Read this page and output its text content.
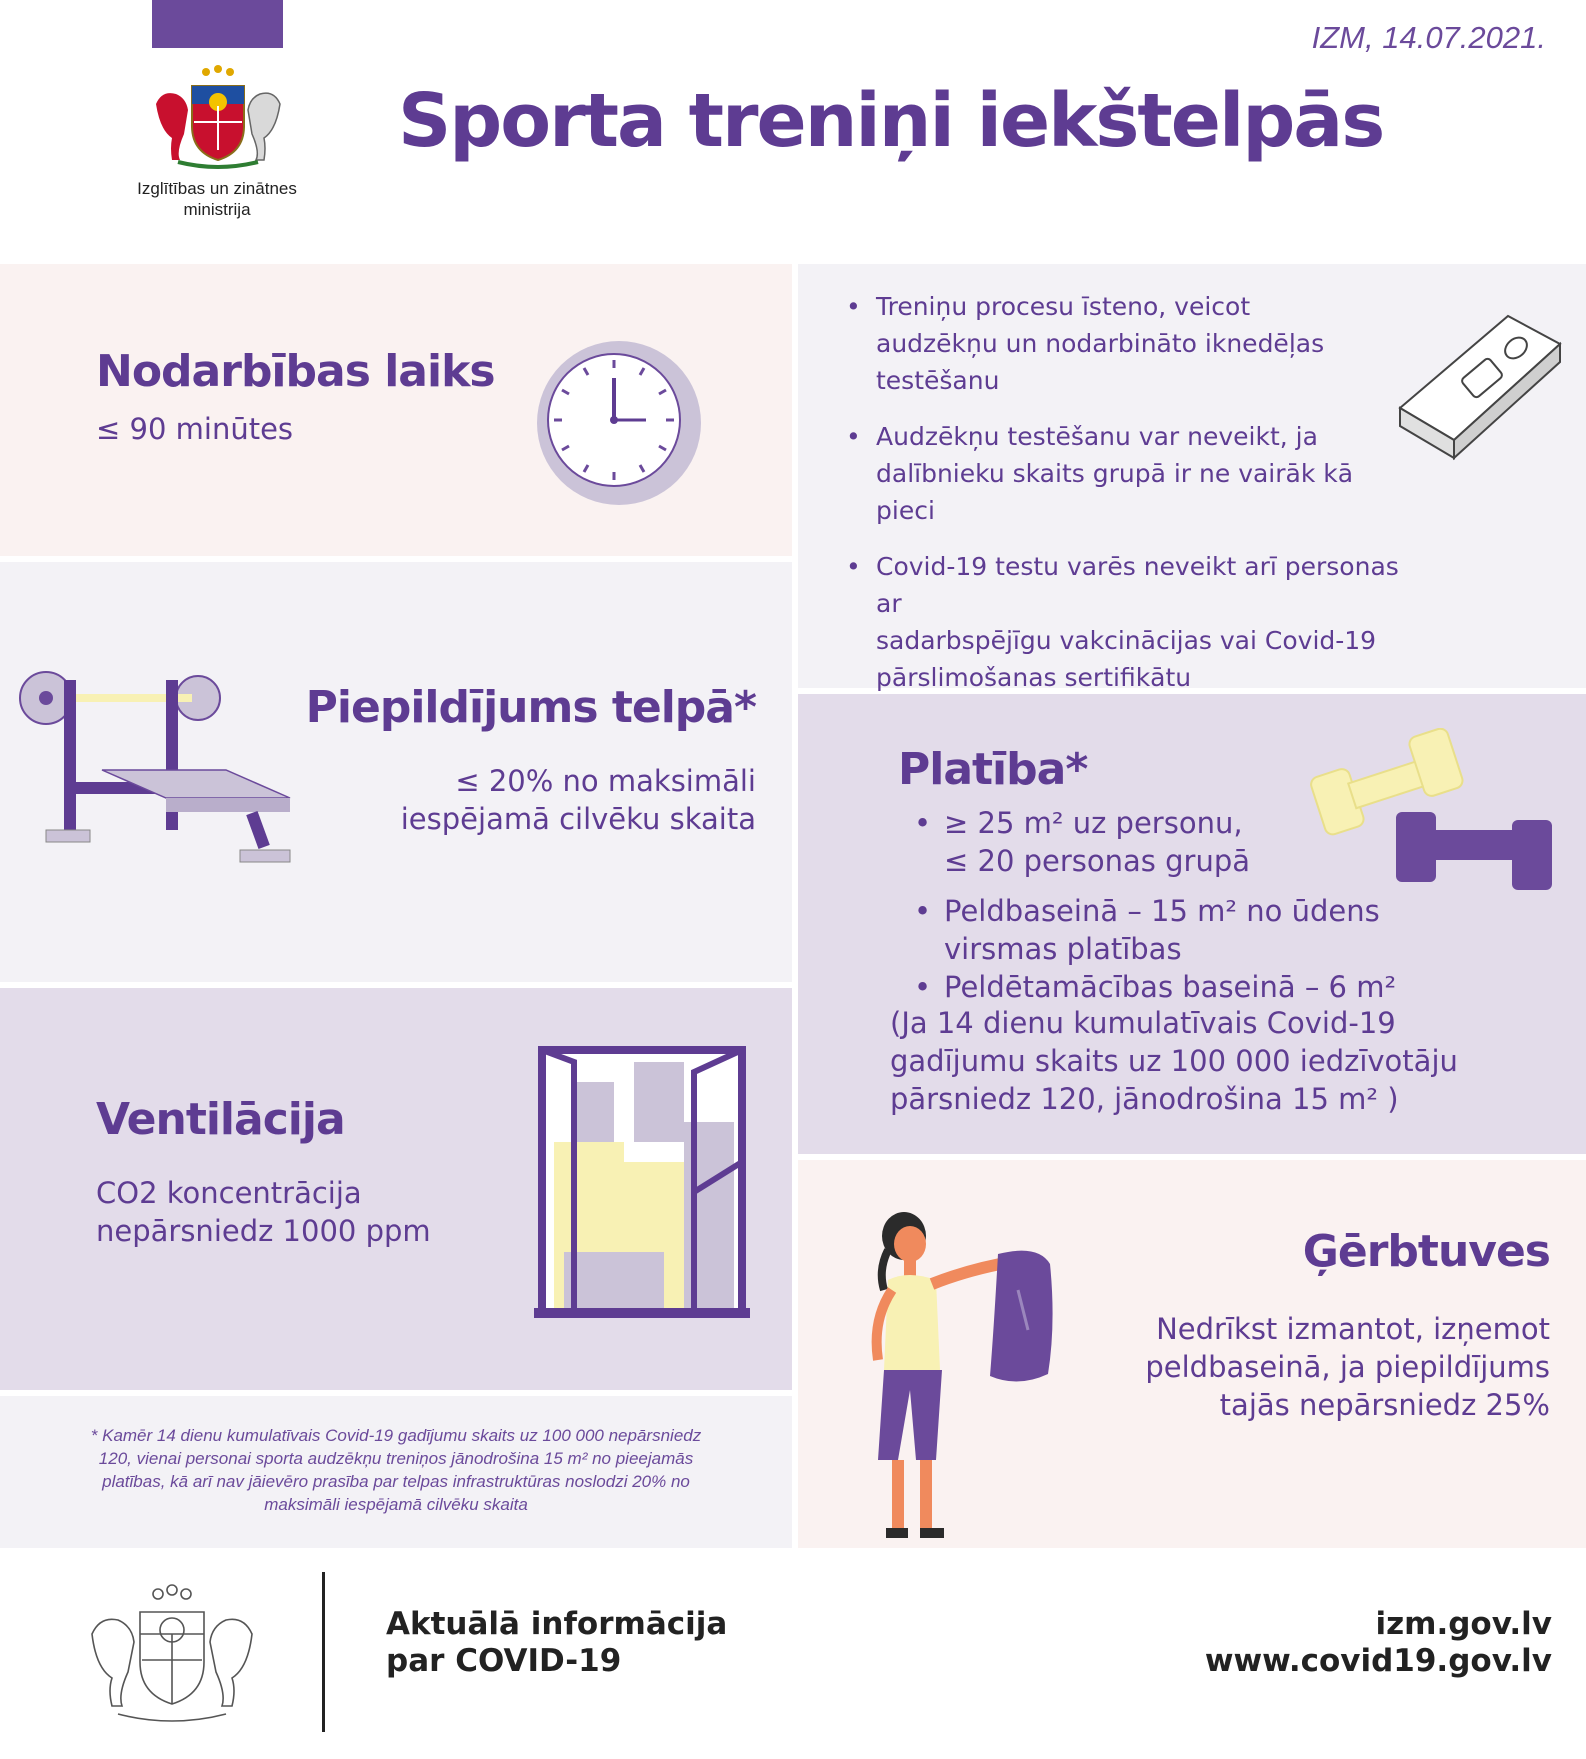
IZM, 14.07.2021.
Izglītības un zinātnes
ministrija
Sporta treniņi iekštelpās
Nodarbības laiks
≤ 90 minūtes
Piepildījums telpā*
≤ 20% no maksimāli
iespējamā cilvēku skaita
Ventilācija
CO2 koncentrācija
nepārsniedz 1000 ppm
* Kamēr 14 dienu kumulatīvais Covid-19 gadījumu skaits uz 100 000 nepārsniedz
120, vienai personai sporta audzēkņu treniņos jānodrošina 15 m² no pieejamās
platības, kā arī nav jāievēro prasība par telpas infrastruktūras noslodzi 20% no
maksimāli iespējamā cilvēku skaita
• Treniņu procesu īsteno, veicot
audzēkņu un nodarbināto iknedēļas
testēšanu
• Audzēkņu testēšanu var neveikt, ja
dalībnieku skaits grupā ir ne vairāk kā
pieci
• Covid-19 testu varēs neveikt arī personas ar
sadarbspējīgu vakcinācijas vai Covid-19
pārslimošanas sertifikātu
Platība*
• ≥ 25 m² uz personu,
≤ 20 personas grupā
• Peldbaseinā – 15 m² no ūdens
virsmas platības
• Peldētamācības baseinā – 6 m²
(Ja 14 dienu kumulatīvais Covid-19
gadījumu skaits uz 100 000 iedzīvotāju
pārsniedz 120, jānodrošina 15 m² )
Ģērbtuves
Nedrīkst izmantot, izņemot
peldbaseinā, ja piepildījums
tajās nepārsniedz 25%
Aktuālā informācija
par COVID-19
izm.gov.lv
www.covid19.gov.lv
